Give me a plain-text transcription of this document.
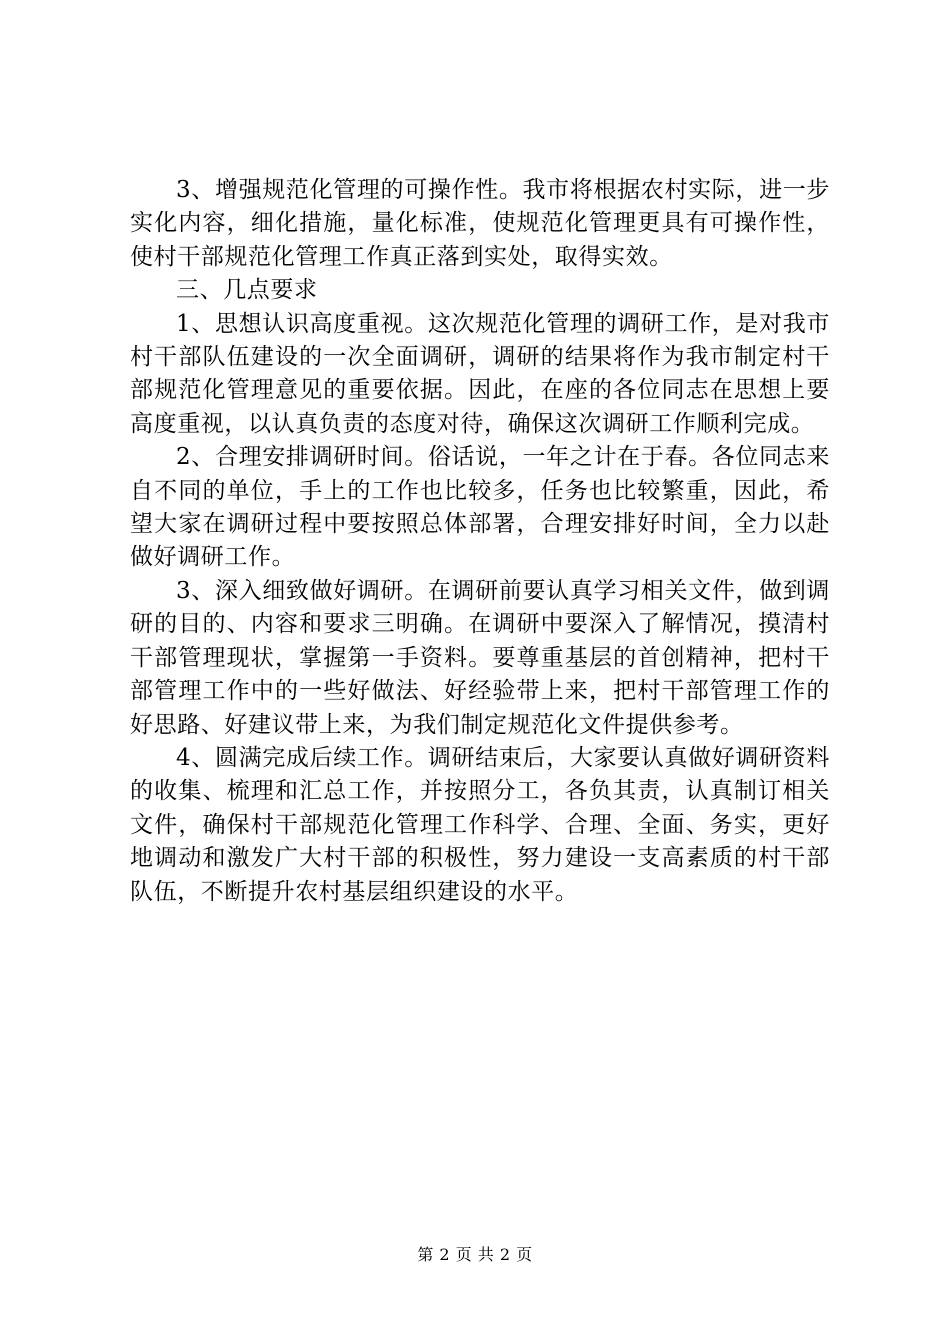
3、增强规范化管理的可操作性。我市将根据农村实际，进一步实化内容，细化措施，量化标准，使规范化管理更具有可操作性，使村干部规范化管理工作真正落到实处，取得实效。

三、几点要求

1、思想认识高度重视。这次规范化管理的调研工作，是对我市村干部队伍建设的一次全面调研，调研的结果将作为我市制定村干部规范化管理意见的重要依据。因此，在座的各位同志在思想上要高度重视，以认真负责的态度对待，确保这次调研工作顺利完成。

2、合理安排调研时间。俗话说，一年之计在于春。各位同志来自不同的单位，手上的工作也比较多，任务也比较繁重，因此，希望大家在调研过程中要按照总体部署，合理安排好时间，全力以赴做好调研工作。

3、深入细致做好调研。在调研前要认真学习相关文件，做到调研的目的、内容和要求三明确。在调研中要深入了解情况，摸清村干部管理现状，掌握第一手资料。要尊重基层的首创精神，把村干部管理工作中的一些好做法、好经验带上来，把村干部管理工作的好思路、好建议带上来，为我们制定规范化文件提供参考。

4、圆满完成后续工作。调研结束后，大家要认真做好调研资料的收集、梳理和汇总工作，并按照分工，各负其责，认真制订相关文件，确保村干部规范化管理工作科学、合理、全面、务实，更好地调动和激发广大村干部的积极性，努力建设一支高素质的村干部队伍，不断提升农村基层组织建设的水平。

第 2 页 共 2 页
